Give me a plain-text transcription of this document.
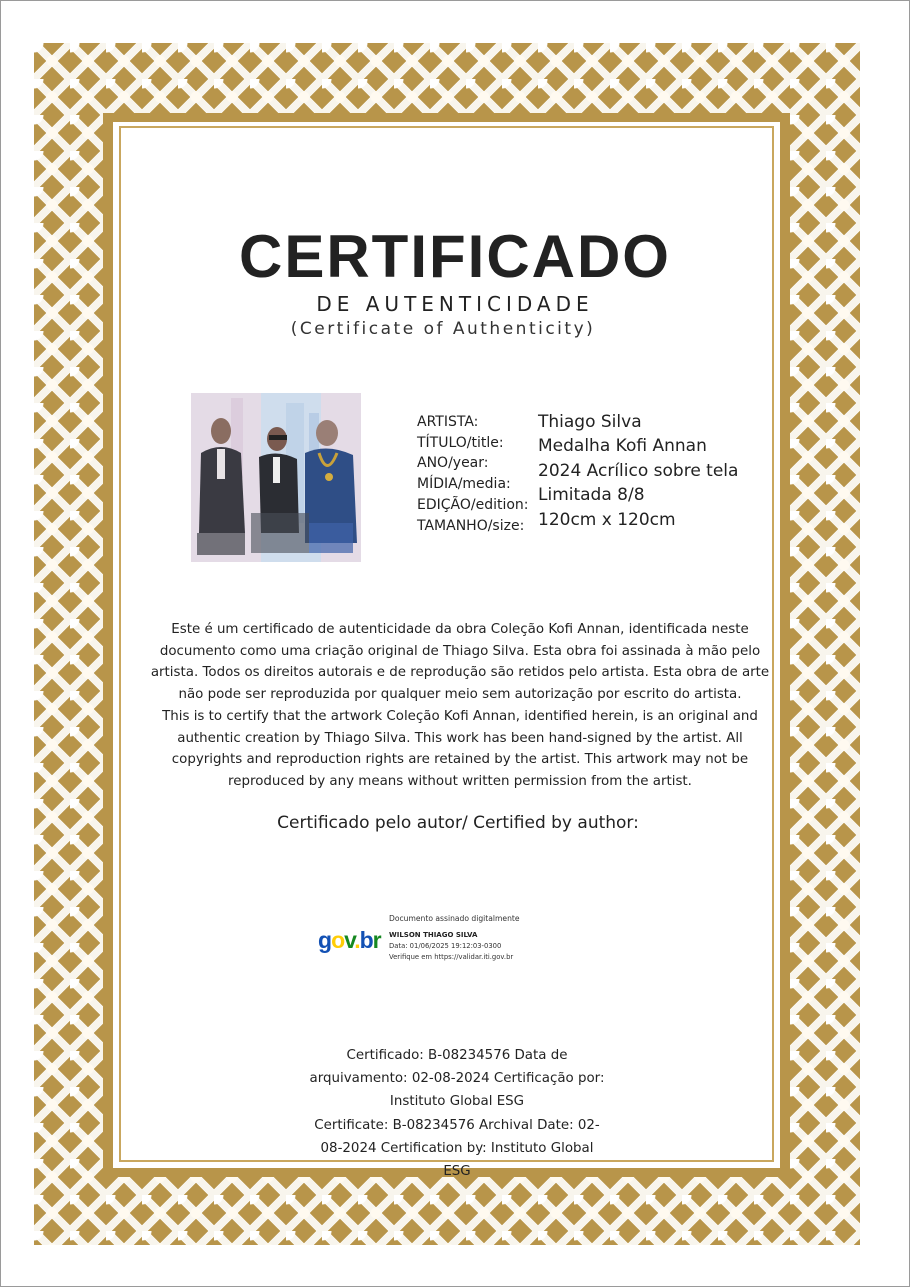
CERTIFICADO
DE AUTENTICIDADE
(Certificate of Authenticity)
ARTISTA:
TÍTULO/title:
ANO/year:
MÍDIA/media:
EDIÇÃO/edition:
TAMANHO/size:
Thiago Silva
Medalha Kofi Annan
2024 Acrílico sobre tela
Limitada 8/8
120cm x 120cm
Este é um certificado de autenticidade da obra Coleção Kofi Annan, identificada neste
documento como uma criação original de Thiago Silva. Esta obra foi assinada à mão pelo
artista. Todos os direitos autorais e de reprodução são retidos pelo artista. Esta obra de arte
não pode ser reproduzida por qualquer meio sem autorização por escrito do artista.
This is to certify that the artwork Coleção Kofi Annan, identified herein, is an original and
authentic creation by Thiago Silva. This work has been hand-signed by the artist. All
copyrights and reproduction rights are retained by the artist. This artwork may not be
reproduced by any means without written permission from the artist.
Certificado pelo autor/ Certified by author:
gov.br
Documento assinado digitalmente
WILSON THIAGO SILVA
Data: 01/06/2025 19:12:03-0300
Verifique em https://validar.iti.gov.br
Certificado: B-08234576 Data de
arquivamento: 02-08-2024 Certificação por:
Instituto Global ESG
Certificate: B-08234576 Archival Date: 02-
08-2024 Certification by: Instituto Global ESG
